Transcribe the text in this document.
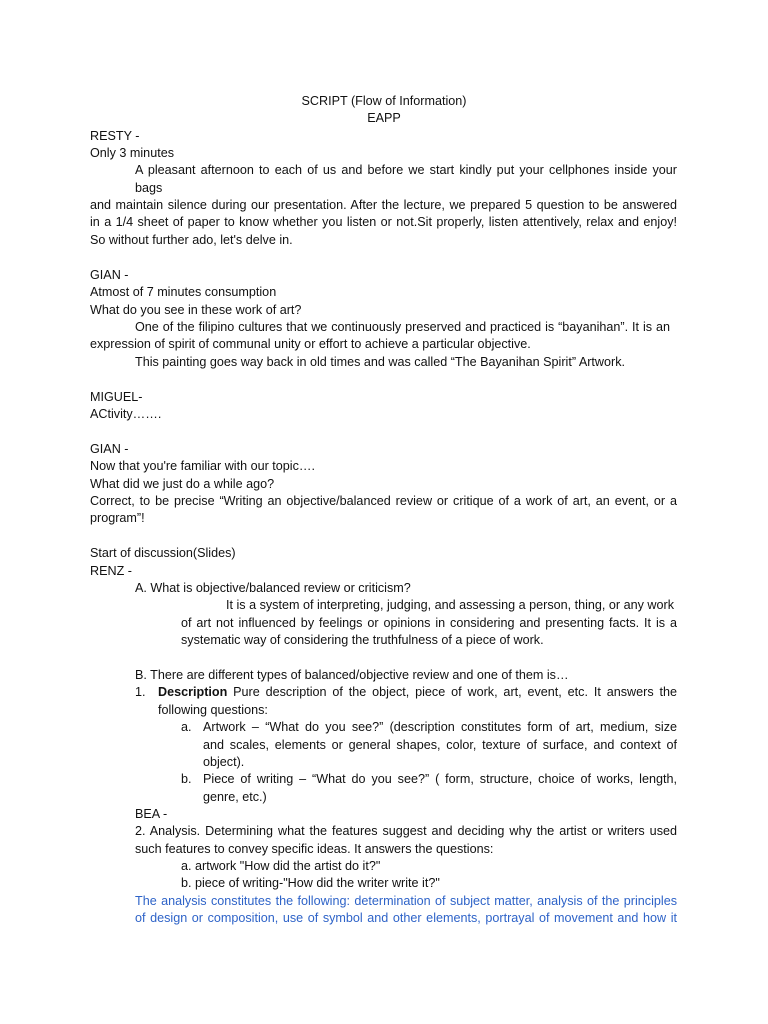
SCRIPT (Flow of Information)
EAPP
RESTY -
Only 3 minutes
A pleasant afternoon to each of us and before we start kindly put your cellphones inside your
bags
and maintain silence during our presentation. After the lecture, we prepared 5 question to be answered
in a 1/4 sheet of paper to know whether you listen or not.Sit properly, listen attentively, relax and enjoy!
So without further ado, let's delve in.
GIAN -
Atmost of 7 minutes consumption
What do you see in these work of art?
One of the filipino cultures that we continuously preserved and practiced is “bayanihan”. It is an
expression of spirit of communal unity or effort to achieve a particular objective.
This painting goes way back in old times and was called “The Bayanihan Spirit” Artwork.
MIGUEL-
ACtivity…….
GIAN -
Now that you're familiar with our topic….
What did we just do a while ago?
Correct, to be precise “Writing an objective/balanced review or critique of a work of art, an event, or a
program”!
Start of discussion(Slides)
RENZ -
A. What is objective/balanced review or criticism?
It is a system of interpreting, judging, and assessing a person, thing, or any work
of art not influenced by feelings or opinions in considering and presenting facts. It is a
systematic way of considering the truthfulness of a piece of work.
B. There are different types of balanced/objective review and one of them is…
1. Description Pure description of the object, piece of work, art, event, etc. It answers the
following questions:
a. Artwork – “What do you see?” (description constitutes form of art, medium, size
and scales, elements or general shapes, color, texture of surface, and context of
object).
b. Piece of writing – “What do you see?” ( form, structure, choice of works, length,
genre, etc.)
BEA -
2. Analysis. Determining what the features suggest and deciding why the artist or writers used
such features to convey specific ideas. It answers the questions:
a. artwork "How did the artist do it?"
b. piece of writing-"How did the writer write it?"
The analysis constitutes the following: determination of subject matter, analysis of the principles
of design or composition, use of symbol and other elements, portrayal of movement and how it
